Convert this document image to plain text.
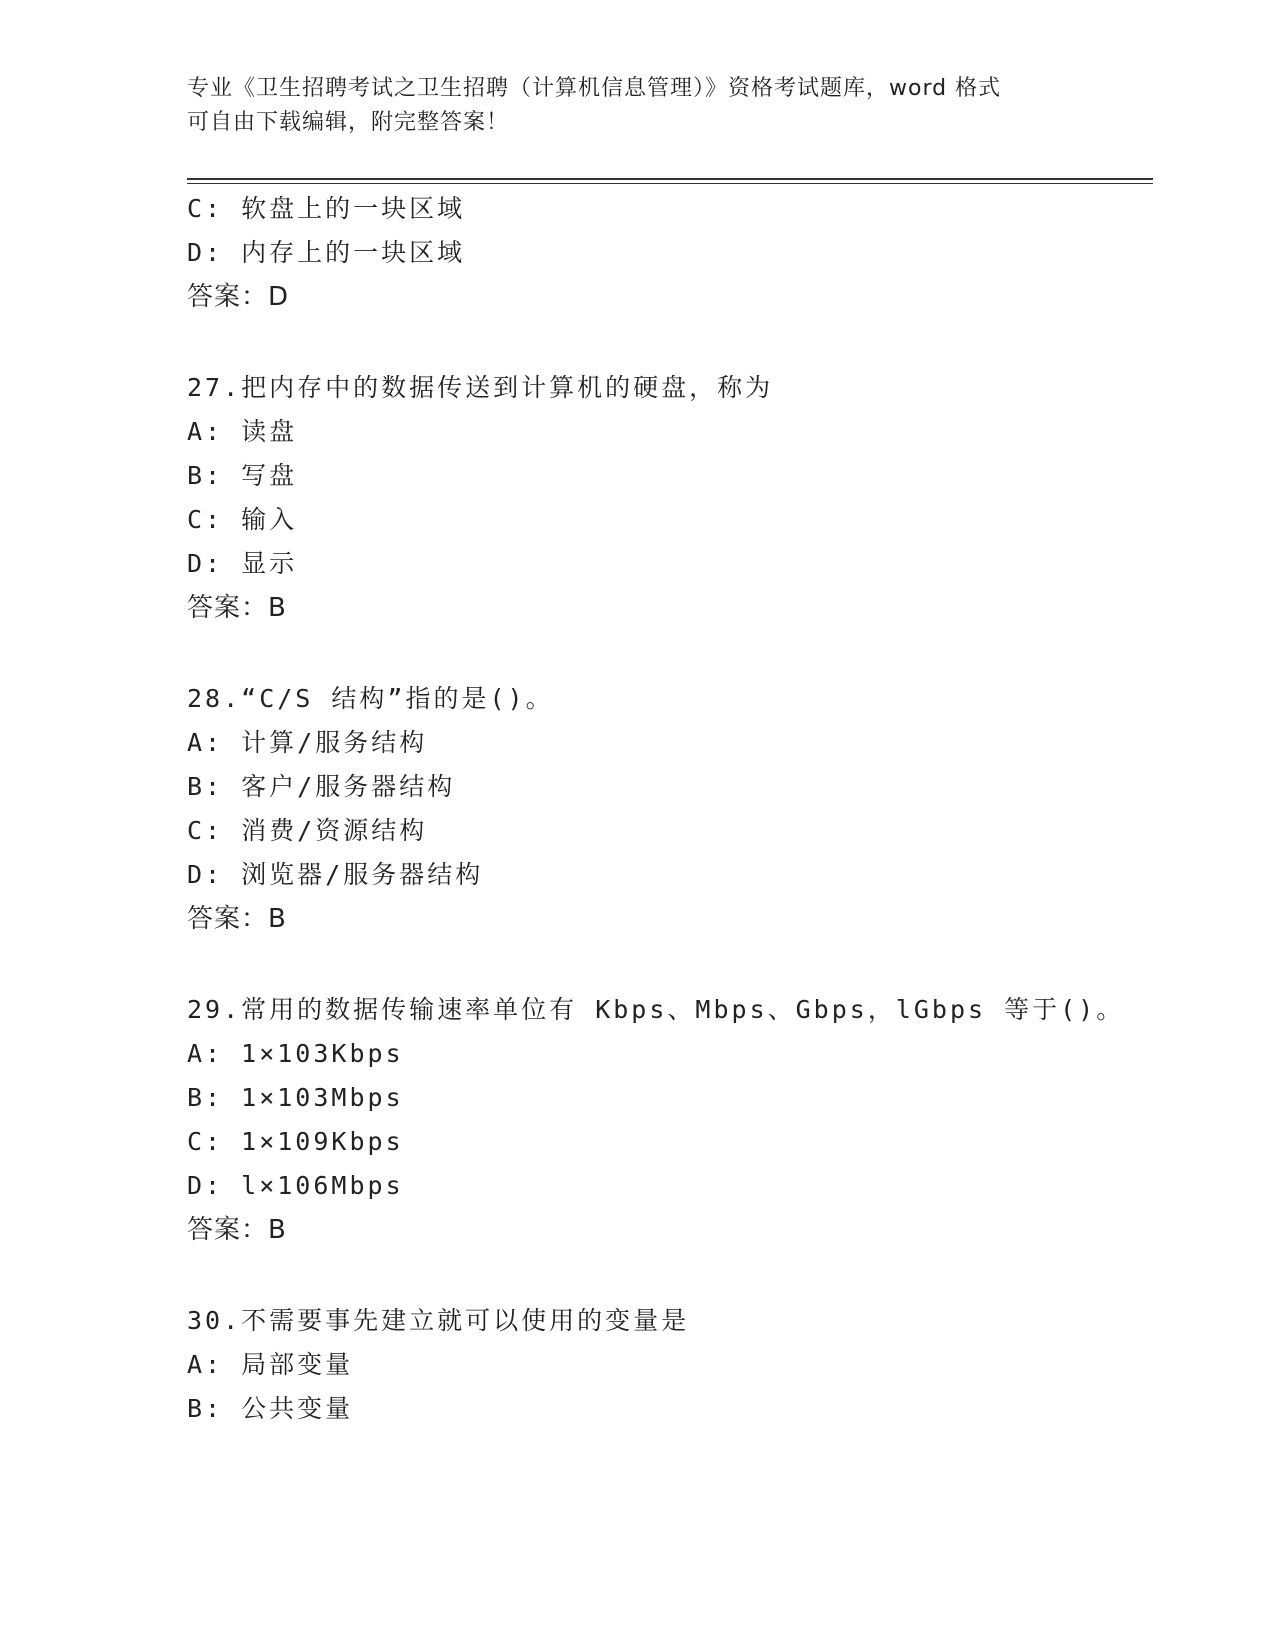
专业《卫生招聘考试之卫生招聘（计算机信息管理）》资格考试题库，word 格式
可自由下载编辑，附完整答案！
C: 软盘上的一块区域
D: 内存上的一块区域
答案：D
27.把内存中的数据传送到计算机的硬盘，称为
A: 读盘
B: 写盘
C: 输入
D: 显示
答案：B
28.“C/S 结构”指的是()。
A: 计算/服务结构
B: 客户/服务器结构
C: 消费/资源结构
D: 浏览器/服务器结构
答案：B
29.常用的数据传输速率单位有 Kbps、Mbps、Gbps，lGbps 等于()。
A: 1×103Kbps
B: 1×103Mbps
C: 1×109Kbps
D: l×106Mbps
答案：B
30.不需要事先建立就可以使用的变量是
A: 局部变量
B: 公共变量
